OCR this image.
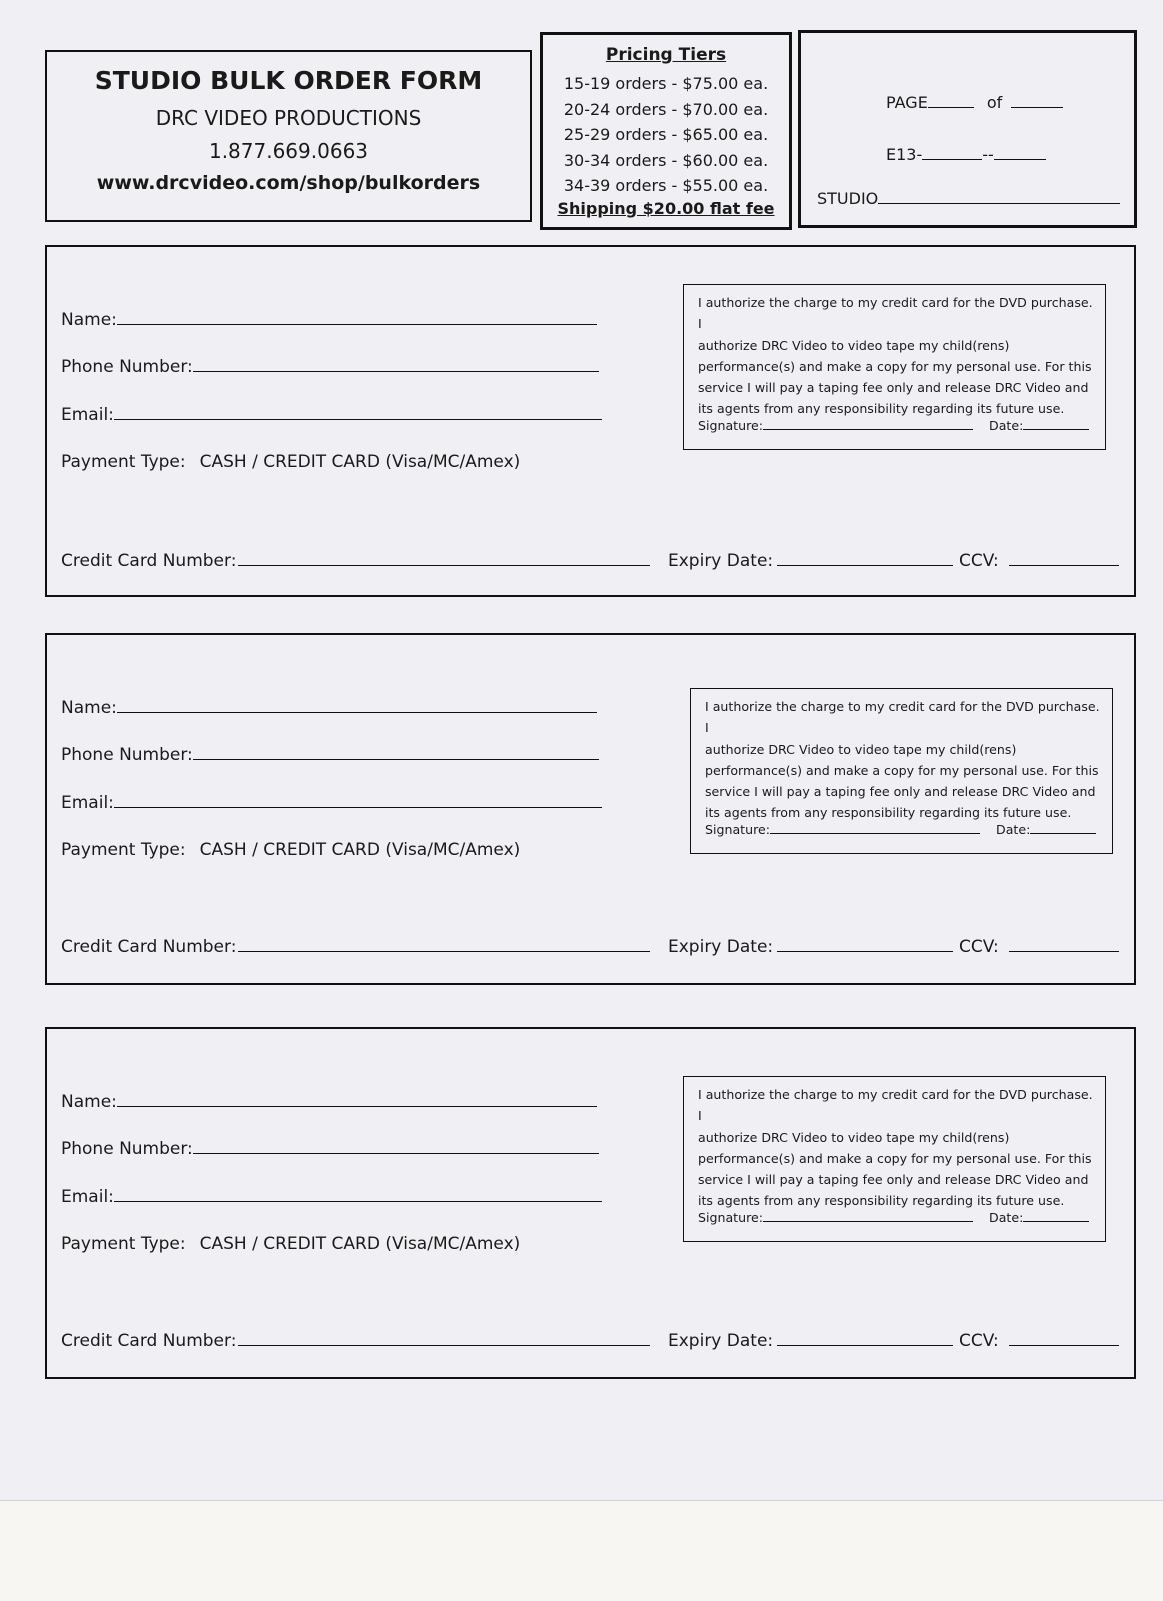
STUDIO BULK ORDER FORM
DRC VIDEO PRODUCTIONS
1.877.669.0663
www.drcvideo.com/shop/bulkorders
Pricing Tiers
15-19 orders - $75.00 ea.
20-24 orders - $70.00 ea.
25-29 orders - $65.00 ea.
30-34 orders - $60.00 ea.
34-39 orders - $55.00 ea.
Shipping $20.00 flat fee
PAGE	of
E13-	--
STUDIO
Name:
Phone Number:
Email:
Payment Type: CASH / CREDIT CARD (Visa/MC/Amex)
Credit Card Number:	Expiry Date:	CCV:
I authorize the charge to my credit card for the DVD purchase. I
authorize DRC Video to video tape my child(rens)
performance(s) and make a copy for my personal use. For this
service I will pay a taping fee only and release DRC Video and
its agents from any responsibility regarding its future use.
Signature:	Date:
Name:
Phone Number:
Email:
Payment Type: CASH / CREDIT CARD (Visa/MC/Amex)
Credit Card Number:	Expiry Date:	CCV:
I authorize the charge to my credit card for the DVD purchase. I
authorize DRC Video to video tape my child(rens)
performance(s) and make a copy for my personal use. For this
service I will pay a taping fee only and release DRC Video and
its agents from any responsibility regarding its future use.
Signature:	Date:
Name:
Phone Number:
Email:
Payment Type: CASH / CREDIT CARD (Visa/MC/Amex)
Credit Card Number:	Expiry Date:	CCV:
I authorize the charge to my credit card for the DVD purchase. I
authorize DRC Video to video tape my child(rens)
performance(s) and make a copy for my personal use. For this
service I will pay a taping fee only and release DRC Video and
its agents from any responsibility regarding its future use.
Signature:	Date:
